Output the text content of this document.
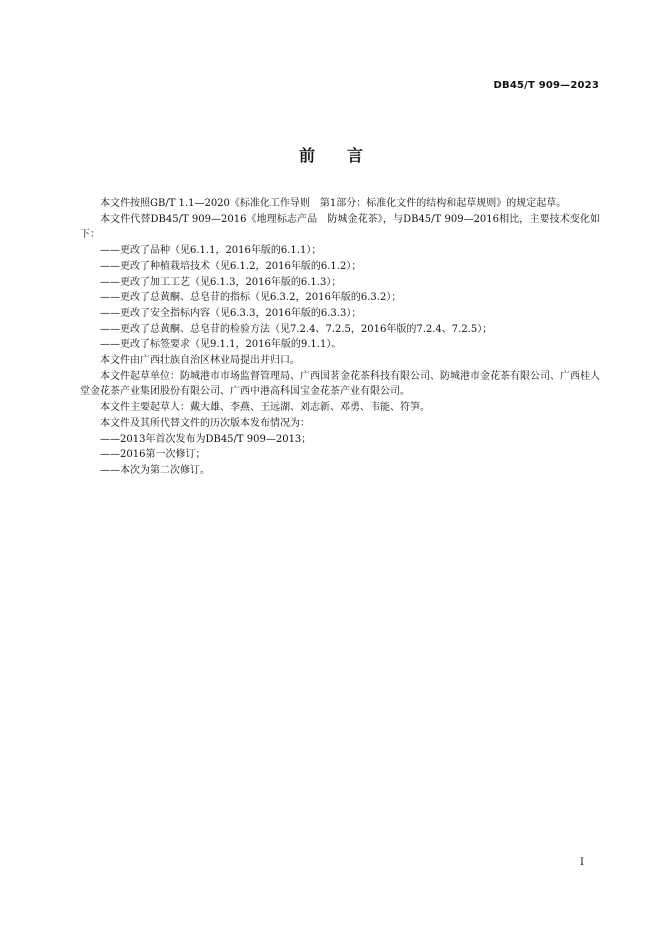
DB45/T 909—2023
前　　言

本文件按照GB/T 1.1—2020《标准化工作导则　第1部分：标准化文件的结构和起草规则》的规定起草。

本文件代替DB45/T 909—2016《地理标志产品　防城金花茶》，与DB45/T 909—2016相比，主要技术变化如下：

——更改了品种（见6.1.1，2016年版的6.1.1）；

——更改了种植栽培技术（见6.1.2，2016年版的6.1.2）；

——更改了加工工艺（见6.1.3，2016年版的6.1.3）；

——更改了总黄酮、总皂苷的指标（见6.3.2，2016年版的6.3.2）；

——更改了安全指标内容（见6.3.3，2016年版的6.3.3）；

——更改了总黄酮、总皂苷的检验方法（见7.2.4、7.2.5，2016年版的7.2.4、7.2.5）；

——更改了标签要求（见9.1.1，2016年版的9.1.1）。

本文件由广西壮族自治区林业局提出并归口。

本文件起草单位：防城港市市场监督管理局、广西国茗金花茶科技有限公司、防城港市金花茶有限公司、广西桂人堂金花茶产业集团股份有限公司、广西中港高科国宝金花茶产业有限公司。

本文件主要起草人：戴大雄、李燕、王远湖、刘志新、邓勇、韦能、符笋。

本文件及其所代替文件的历次版本发布情况为：

——2013年首次发布为DB45/T 909—2013；

——2016第一次修订；

——本次为第二次修订。

I
